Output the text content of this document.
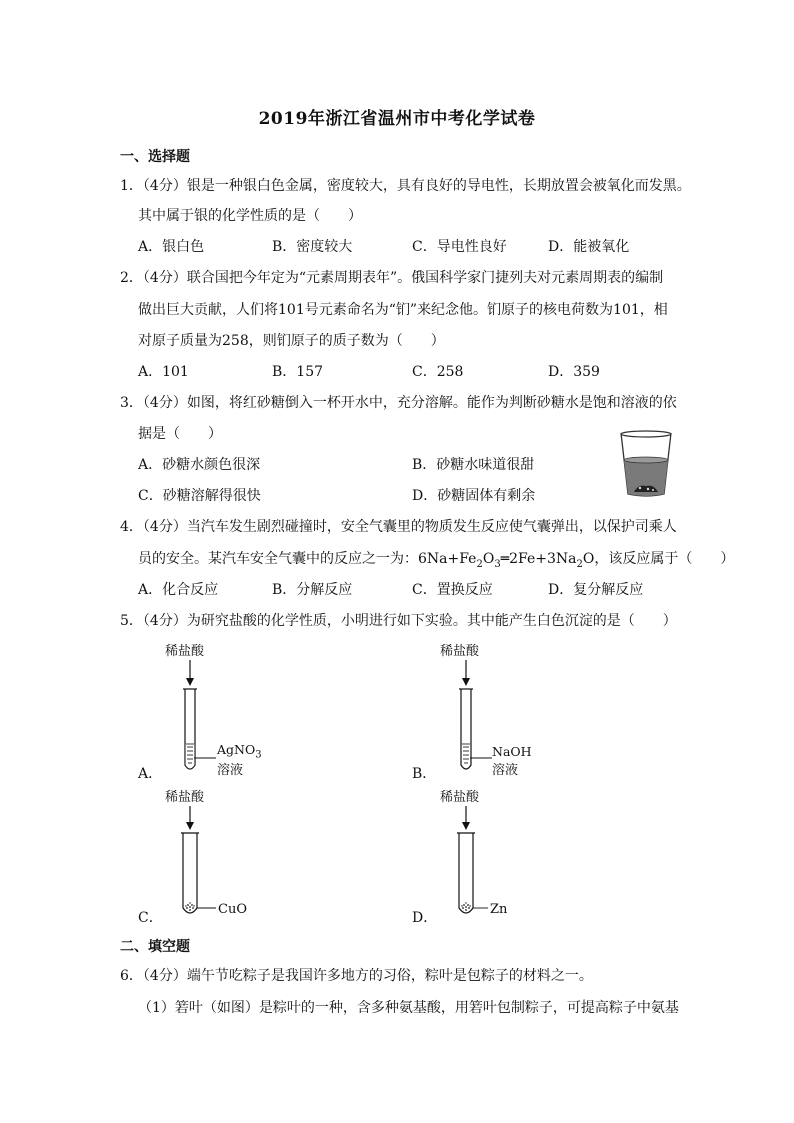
2019年浙江省温州市中考化学试卷
一、选择题
1．（4分）银是一种银白色金属，密度较大，具有良好的导电性，长期放置会被氧化而发黑。
其中属于银的化学性质的是（　　）
A．银白色	B．密度较大	C．导电性良好	D．能被氧化
2．（4分）联合国把今年定为“元素周期表年”。俄国科学家门捷列夫对元素周期表的编制
做出巨大贡献，人们将101号元素命名为“钔”来纪念他。钔原子的核电荷数为101，相
对原子质量为258，则钔原子的质子数为（　　）
A．101	B．157	C．258	D．359
3．（4分）如图，将红砂糖倒入一杯开水中，充分溶解。能作为判断砂糖水是饱和溶液的依
据是（　　）
A．砂糖水颜色很深	B．砂糖水味道很甜
C．砂糖溶解得很快	D．砂糖固体有剩余
4．（4分）当汽车发生剧烈碰撞时，安全气囊里的物质发生反应使气囊弹出，以保护司乘人
员的安全。某汽车安全气囊中的反应之一为：$6Na+Fe_2O_3═2Fe+3Na_2O$，该反应属于（　　）
A．化合反应	B．分解反应	C．置换反应	D．复分解反应
5．（4分）为研究盐酸的化学性质，小明进行如下实验。其中能产生白色沉淀的是（　　）
稀盐酸
AgNO$_3$
溶液
A．
稀盐酸
NaOH
溶液
B．
稀盐酸
CuO
C．
稀盐酸
Zn
D．
二、填空题
6．（4分）端午节吃粽子是我国许多地方的习俗，粽叶是包粽子的材料之一。
（1）箬叶（如图）是粽叶的一种，含多种氨基酸，用箬叶包制粽子，可提高粽子中氨基
